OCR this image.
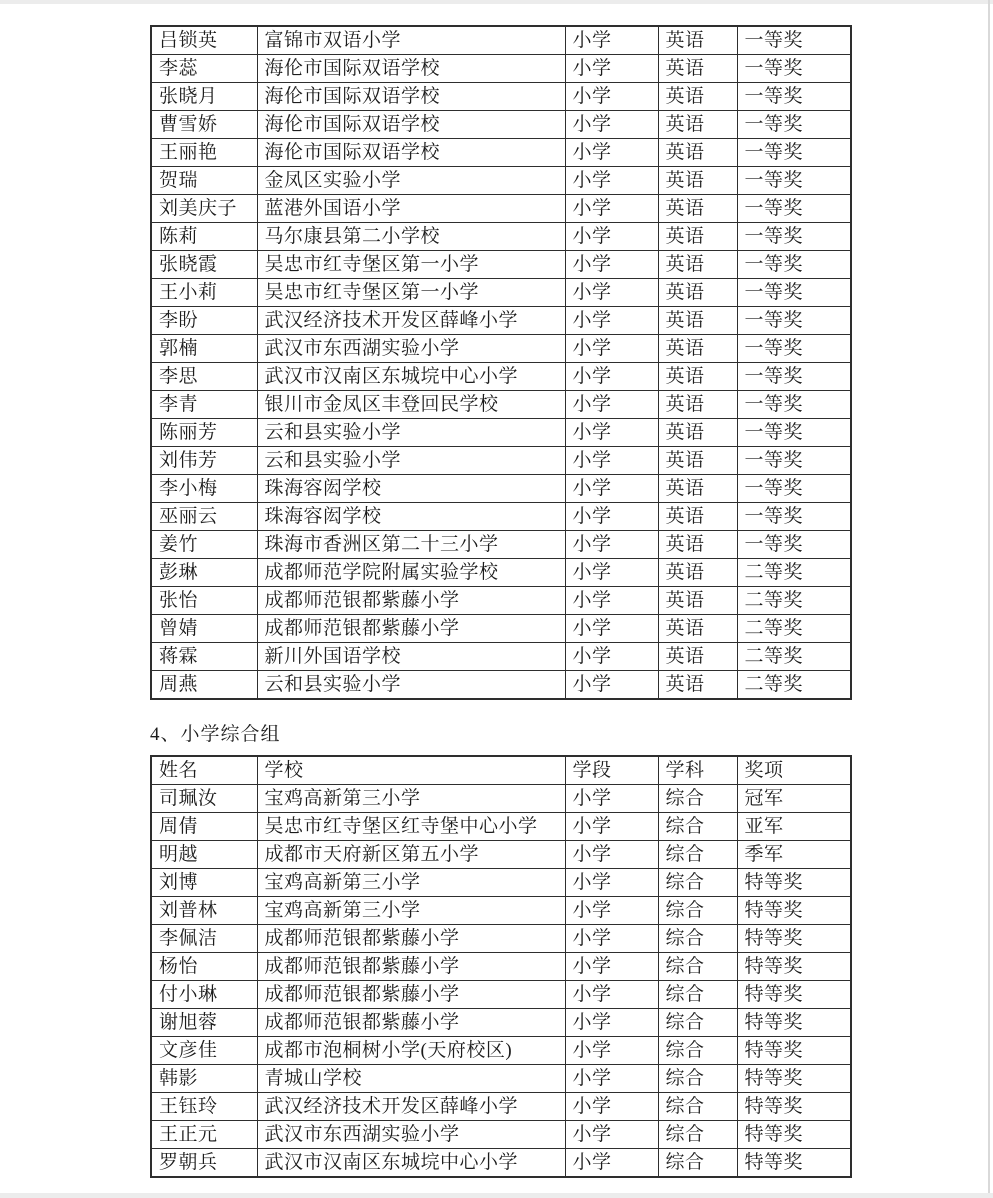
吕锁英	富锦市双语小学	小学	英语	一等奖
李蕊	海伦市国际双语学校	小学	英语	一等奖
张晓月	海伦市国际双语学校	小学	英语	一等奖
曹雪娇	海伦市国际双语学校	小学	英语	一等奖
王丽艳	海伦市国际双语学校	小学	英语	一等奖
贺瑞	金凤区实验小学	小学	英语	一等奖
刘美庆子	蓝港外国语小学	小学	英语	一等奖
陈莉	马尔康县第二小学校	小学	英语	一等奖
张晓霞	吴忠市红寺堡区第一小学	小学	英语	一等奖
王小莉	吴忠市红寺堡区第一小学	小学	英语	一等奖
李盼	武汉经济技术开发区薛峰小学	小学	英语	一等奖
郭楠	武汉市东西湖实验小学	小学	英语	一等奖
李思	武汉市汉南区东城垸中心小学	小学	英语	一等奖
李青	银川市金凤区丰登回民学校	小学	英语	一等奖
陈丽芳	云和县实验小学	小学	英语	一等奖
刘伟芳	云和县实验小学	小学	英语	一等奖
李小梅	珠海容闳学校	小学	英语	一等奖
巫丽云	珠海容闳学校	小学	英语	一等奖
姜竹	珠海市香洲区第二十三小学	小学	英语	一等奖
彭琳	成都师范学院附属实验学校	小学	英语	二等奖
张怡	成都师范银都紫藤小学	小学	英语	二等奖
曾婧	成都师范银都紫藤小学	小学	英语	二等奖
蒋霖	新川外国语学校	小学	英语	二等奖
周燕	云和县实验小学	小学	英语	二等奖
4、小学综合组
姓名	学校	学段	学科	奖项
司珮汝	宝鸡高新第三小学	小学	综合	冠军
周倩	吴忠市红寺堡区红寺堡中心小学	小学	综合	亚军
明越	成都市天府新区第五小学	小学	综合	季军
刘博	宝鸡高新第三小学	小学	综合	特等奖
刘普林	宝鸡高新第三小学	小学	综合	特等奖
李佩洁	成都师范银都紫藤小学	小学	综合	特等奖
杨怡	成都师范银都紫藤小学	小学	综合	特等奖
付小琳	成都师范银都紫藤小学	小学	综合	特等奖
谢旭蓉	成都师范银都紫藤小学	小学	综合	特等奖
文彦佳	成都市泡桐树小学(天府校区)	小学	综合	特等奖
韩影	青城山学校	小学	综合	特等奖
王钰玲	武汉经济技术开发区薛峰小学	小学	综合	特等奖
王正元	武汉市东西湖实验小学	小学	综合	特等奖
罗朝兵	武汉市汉南区东城垸中心小学	小学	综合	特等奖
